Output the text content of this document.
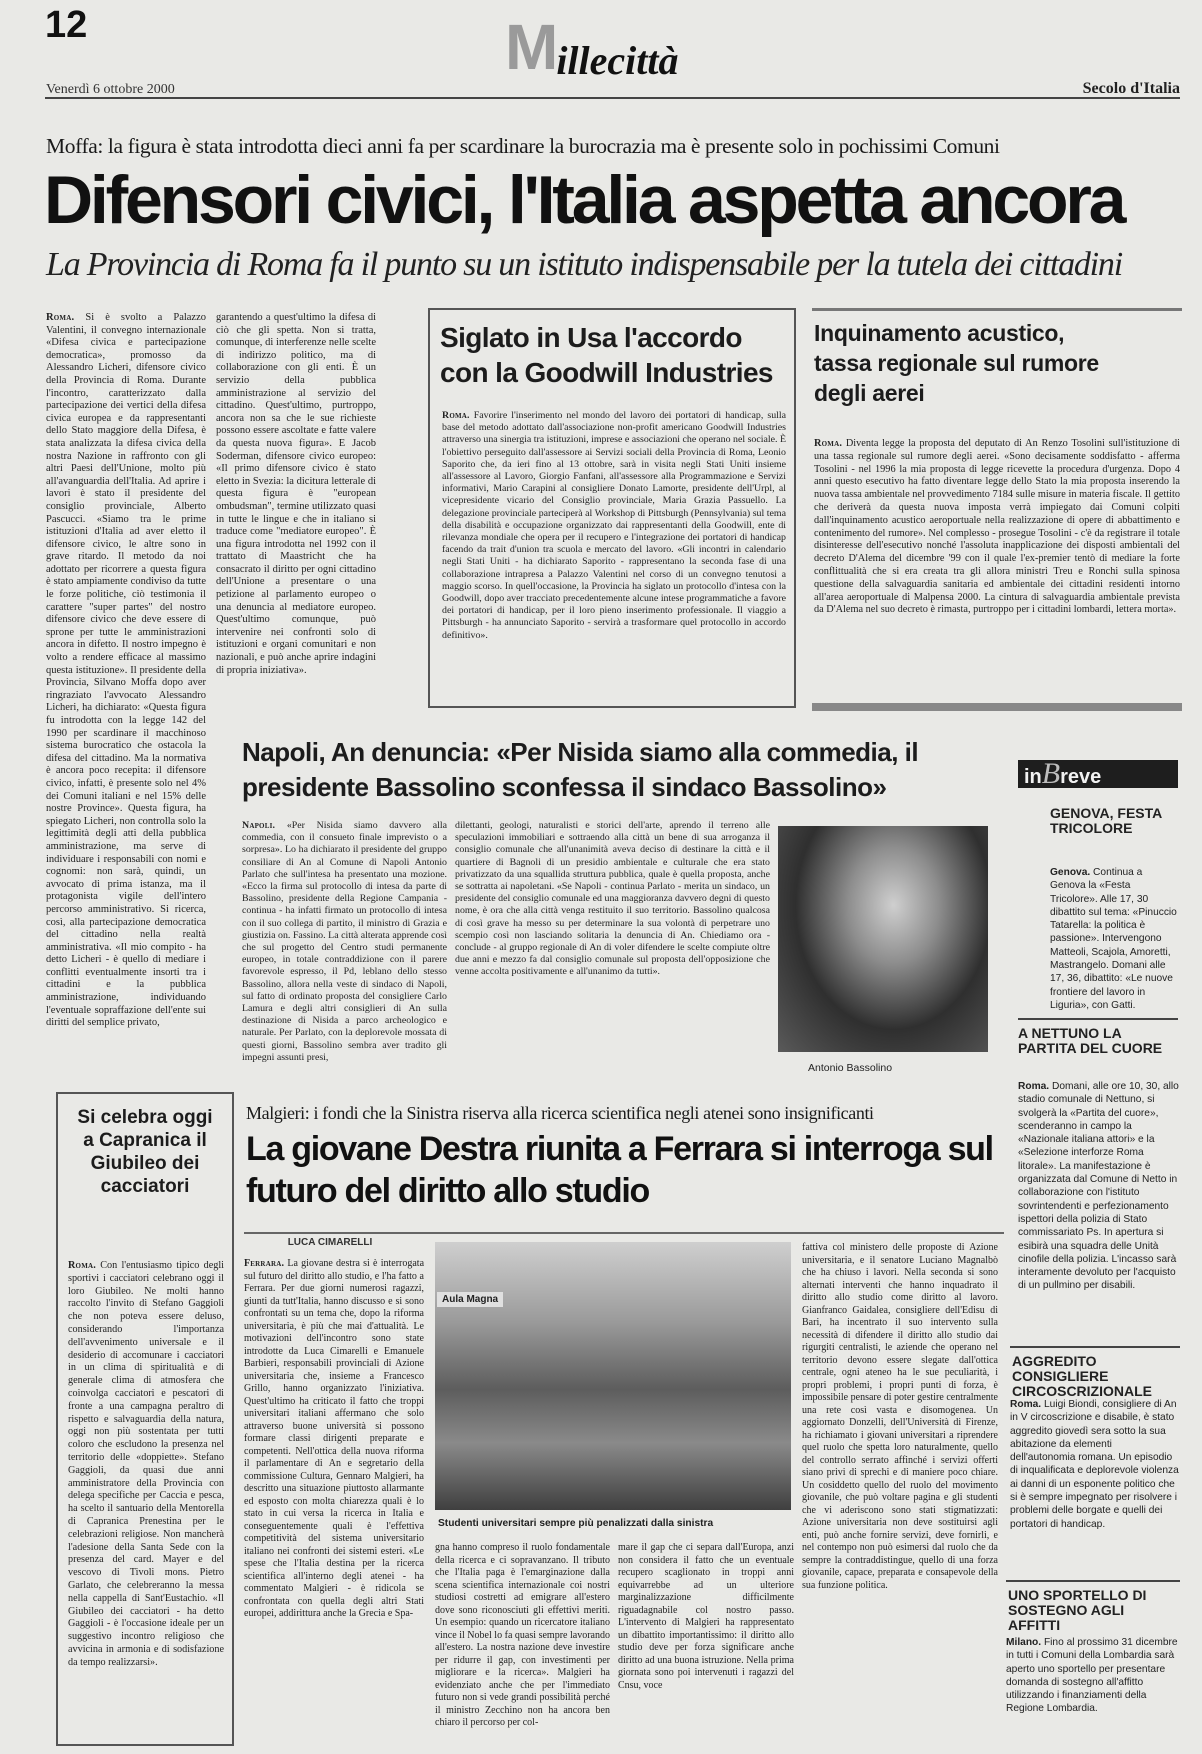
12	Millecittà
Venerdì 6 ottobre 2000	Secolo d'Italia
Moffa: la figura è stata introdotta dieci anni fa per scardinare la burocrazia ma è presente solo in pochissimi Comuni
Difensori civici, l'Italia aspetta ancora
La Provincia di Roma fa il punto su un istituto indispensabile per la tutela dei cittadini
Roma. Si è svolto a Palazzo Valentini, il convegno internazionale «Difesa civica e partecipazione democratica», promosso da Alessandro Licheri, difensore civico della Provincia di Roma. Durante l'incontro, caratterizzato dalla partecipazione dei vertici della difesa civica europea e da rappresentanti dello Stato maggiore della Difesa, è stata analizzata la difesa civica della nostra Nazione in raffronto con gli altri Paesi dell'Unione, molto più all'avanguardia dell'Italia. Ad aprire i lavori è stato il presidente del consiglio provinciale, Alberto Pascucci. «Siamo tra le prime istituzioni d'Italia ad aver eletto il difensore civico, le altre sono in grave ritardo. Il metodo da noi adottato per ricorrere a questa figura è stato ampiamente condiviso da tutte le forze politiche, ciò testimonia il carattere "super partes" del nostro difensore civico che deve essere di sprone per tutte le amministrazioni ancora in difetto. Il nostro impegno è volto a rendere efficace al massimo questa istituzione». Il presidente della Provincia, Silvano Moffa dopo aver ringraziato l'avvocato Alessandro Licheri, ha dichiarato: «Questa figura fu introdotta con la legge 142 del 1990 per scardinare il macchinoso sistema burocratico che ostacola la difesa del cittadino. Ma la normativa è ancora poco recepita: il difensore civico, infatti, è presente solo nel 4% dei Comuni italiani e nel 15% delle nostre Province». Questa figura, ha spiegato Licheri, non controlla solo la legittimità degli atti della pubblica amministrazione, ma serve di individuare i responsabili con nomi e cognomi: non sarà, quindi, un avvocato di prima istanza, ma il protagonista vigile dell'intero percorso amministrativo. Si ricerca, così, alla partecipazione democratica del cittadino nella realtà amministrativa. «Il mio compito - ha detto Licheri - è quello di mediare i conflitti eventualmente insorti tra i cittadini e la pubblica amministrazione, individuando l'eventuale sopraffazione dell'ente sui diritti del semplice privato,
garantendo a quest'ultimo la difesa di ciò che gli spetta. Non si tratta, comunque, di interferenze nelle scelte di indirizzo politico, ma di collaborazione con gli enti. È un servizio della pubblica amministrazione al servizio del cittadino. Quest'ultimo, purtroppo, ancora non sa che le sue richieste possono essere ascoltate e fatte valere da questa nuova figura». E Jacob Soderman, difensore civico europeo: «Il primo difensore civico è stato eletto in Svezia: la dicitura letterale di questa figura è "european ombudsman", termine utilizzato quasi in tutte le lingue e che in italiano si traduce come "mediatore europeo". È una figura introdotta nel 1992 con il trattato di Maastricht che ha consacrato il diritto per ogni cittadino dell'Unione a presentare o una petizione al parlamento europeo o una denuncia al mediatore europeo. Quest'ultimo comunque, può intervenire nei confronti solo di istituzioni e organi comunitari e non nazionali, e può anche aprire indagini di propria iniziativa».
Siglato in Usa l'accordo con la Goodwill Industries
Roma. Favorire l'inserimento nel mondo del lavoro dei portatori di handicap, sulla base del metodo adottato dall'associazione non-profit americano Goodwill Industries attraverso una sinergia tra istituzioni, imprese e associazioni che operano nel sociale. È l'obiettivo perseguito dall'assessore ai Servizi sociali della Provincia di Roma, Leonio Saporito che, da ieri fino al 13 ottobre, sarà in visita negli Stati Uniti insieme all'assessore al Lavoro, Giorgio Fanfani, all'assessore alla Programmazione e Servizi informativi, Mario Carapini al consigliere Donato Lamorte, presidente dell'Urpl, al vicepresidente vicario del Consiglio provinciale, Maria Grazia Passuello. La delegazione provinciale parteciperà al Workshop di Pittsburgh (Pennsylvania) sul tema della disabilità e occupazione organizzato dai rappresentanti della Goodwill, ente di rilevanza mondiale che opera per il recupero e l'integrazione dei portatori di handicap facendo da trait d'union tra scuola e mercato del lavoro. «Gli incontri in calendario negli Stati Uniti - ha dichiarato Saporito - rappresentano la seconda fase di una collaborazione intrapresa a Palazzo Valentini nel corso di un convegno tenutosi a maggio scorso. In quell'occasione, la Provincia ha siglato un protocollo d'intesa con la Goodwill, dopo aver tracciato precedentemente alcune intese programmatiche a favore dei portatori di handicap, per il loro pieno inserimento professionale. Il viaggio a Pittsburgh - ha annunciato Saporito - servirà a trasformare quel protocollo in accordo definitivo».
Inquinamento acustico, tassa regionale sul rumore degli aerei
Roma. Diventa legge la proposta del deputato di An Renzo Tosolini sull'istituzione di una tassa regionale sul rumore degli aerei. «Sono decisamente soddisfatto - afferma Tosolini - nel 1996 la mia proposta di legge ricevette la procedura d'urgenza. Dopo 4 anni questo esecutivo ha fatto diventare legge dello Stato la mia proposta inserendo la nuova tassa ambientale nel provvedimento 7184 sulle misure in materia fiscale. Il gettito che deriverà da questa nuova imposta verrà impiegato dai Comuni colpiti dall'inquinamento acustico aeroportuale nella realizzazione di opere di abbattimento e contenimento del rumore». Nel complesso - prosegue Tosolini - c'è da registrare il totale disinteresse dell'esecutivo nonché l'assoluta inapplicazione dei disposti ambientali del decreto D'Alema del dicembre '99 con il quale l'ex-premier tentò di mediare la forte conflittualità che si era creata tra gli allora ministri Treu e Ronchi sulla spinosa questione della salvaguardia sanitaria ed ambientale dei cittadini residenti intorno all'area aeroportuale di Malpensa 2000. La cintura di salvaguardia ambientale prevista da D'Alema nel suo decreto è rimasta, purtroppo per i cittadini lombardi, lettera morta».
Napoli, An denuncia: «Per Nisida siamo alla commedia, il presidente Bassolino sconfessa il sindaco Bassolino»
Napoli. «Per Nisida siamo davvero alla commedia, con il consueto finale imprevisto o a sorpresa». Lo ha dichiarato il presidente del gruppo consiliare di An al Comune di Napoli Antonio Parlato che sull'intesa ha presentato una mozione. «Ecco la firma sul protocollo di intesa da parte di Bassolino, presidente della Regione Campania - continua - ha infatti firmato un protocollo di intesa con il suo collega di partito, il ministro di Grazia e giustizia on. Fassino. La città alterata apprende così che sul progetto del Centro studi permanente europeo, in totale contraddizione con il parere favorevole espresso, il Pd, leblano dello stesso Bassolino, allora nella veste di sindaco di Napoli, sul fatto di ordinato proposta del consigliere Carlo Lamura e degli altri consiglieri di An sulla destinazione di Nisida a parco archeologico e naturale. Per Parlato, con la deplorevole mossata di questi giorni, Bassolino sembra aver tradito gli impegni assunti presi,
dilettanti, geologi, naturalisti e storici dell'arte, aprendo il terreno alle speculazioni immobiliari e sottraendo alla città un bene di sua arroganza il consiglio comunale che all'unanimità aveva deciso di destinare la città e il quartiere di Bagnoli di un presidio ambientale e culturale che era stato privatizzato da una squallida struttura pubblica, quale è quella proposta, anche se sottratta ai napoletani. «Se Napoli - continua Parlato - merita un sindaco, un presidente del consiglio comunale ed una maggioranza davvero degni di questo nome, è ora che alla città venga restituito il suo territorio. Bassolino qualcosa di così grave ha messo su per determinare la sua volontà di perpetrare uno scempio così non lasciando solitaria la denuncia di An. Chiediamo ora - conclude - al gruppo regionale di An di voler difendere le scelte compiute oltre due anni e mezzo fa dal consiglio comunale sul proposta dell'opposizione che venne accolta positivamente e all'unanimo da tutti».
Antonio Bassolino
inBreve
GENOVA, FESTA TRICOLORE
Genova. Continua a Genova la «Festa Tricolore». Alle 17, 30 dibattito sul tema: «Pinuccio Tatarella: la politica è passione». Intervengono Matteoli, Scajola, Amoretti, Mastrangelo. Domani alle 17, 36, dibattito: «Le nuove frontiere del lavoro in Liguria», con Gatti.
A NETTUNO LA PARTITA DEL CUORE
Roma. Domani, alle ore 10, 30, allo stadio comunale di Nettuno, si svolgerà la «Partita del cuore», scenderanno in campo la «Nazionale italiana attori» e la «Selezione interforze Roma litorale». La manifestazione è organizzata dal Comune di Netto in collaborazione con l'istituto sovrintendenti e perfezionamento ispettori della polizia di Stato commissariato Ps. In apertura si esibirà una squadra delle Unità cinofile della polizia. L'incasso sarà interamente devoluto per l'acquisto di un pullmino per disabili.
AGGREDITO CONSIGLIERE CIRCOSCRIZIONALE
Roma. Luigi Biondi, consigliere di An in V circoscrizione e disabile, è stato aggredito giovedì sera sotto la sua abitazione da elementi dell'autonomia romana. Un episodio di inqualificata e deplorevole violenza ai danni di un esponente politico che si è sempre impegnato per risolvere i problemi delle borgate e quelli dei portatori di handicap.
UNO SPORTELLO DI SOSTEGNO AGLI AFFITTI
Milano. Fino al prossimo 31 dicembre in tutti i Comuni della Lombardia sarà aperto uno sportello per presentare domanda di sostegno all'affitto utilizzando i finanziamenti della Regione Lombardia.
Si celebra oggi a Capranica il Giubileo dei cacciatori
Roma. Con l'entusiasmo tipico degli sportivi i cacciatori celebrano oggi il loro Giubileo. Ne molti hanno raccolto l'invito di Stefano Gaggioli che non poteva essere deluso, considerando l'importanza dell'avvenimento universale e il desiderio di accomunare i cacciatori in un clima di spiritualità e di generale clima di atmosfera che coinvolga cacciatori e pescatori di fronte a una campagna peraltro di rispetto e salvaguardia della natura, oggi non più sostentata per tutti coloro che escludono la presenza nel territorio delle «doppiette». Stefano Gaggioli, da quasi due anni amministratore della Provincia con delega specifiche per Caccia e pesca, ha scelto il santuario della Mentorella di Capranica Prenestina per le celebrazioni religiose. Non mancherà l'adesione della Santa Sede con la presenza del card. Mayer e del vescovo di Tivoli mons. Pietro Garlato, che celebreranno la messa nella cappella di Sant'Eustachio. «Il Giubileo dei cacciatori - ha detto Gaggioli - è l'occasione ideale per un suggestivo incontro religioso che avvicina in armonia e di sodisfazione da tempo realizzarsi».
Malgieri: i fondi che la Sinistra riserva alla ricerca scientifica negli atenei sono insignificanti
La giovane Destra riunita a Ferrara si interroga sul futuro del diritto allo studio
LUCA CIMARELLI
Ferrara. La giovane destra si è interrogata sul futuro del diritto allo studio, e l'ha fatto a Ferrara. Per due giorni numerosi ragazzi, giunti da tutt'Italia, hanno discusso e si sono confrontati su un tema che, dopo la riforma universitaria, è più che mai d'attualità. Le motivazioni dell'incontro sono state introdotte da Luca Cimarelli e Emanuele Barbieri, responsabili provinciali di Azione universitaria che, insieme a Francesco Grillo, hanno organizzato l'iniziativa. Quest'ultimo ha criticato il fatto che troppi universitari italiani affermano che solo attraverso buone università si possono formare classi dirigenti preparate e competenti. Nell'ottica della nuova riforma il parlamentare di An e segretario della commissione Cultura, Gennaro Malgieri, ha descritto una situazione piuttosto allarmante ed esposto con molta chiarezza quali è lo stato in cui versa la ricerca in Italia e conseguentemente quali è l'effettiva competitività del sistema universitario italiano nei confronti dei sistemi esteri. «Le spese che l'Italia destina per la ricerca scientifica all'interno degli atenei - ha commentato Malgieri - è ridicola se confrontata con quella degli altri Stati europei, addirittura anche la Grecia e Spa-
Aula Magna
Studenti universitari sempre più penalizzati dalla sinistra
gna hanno compreso il ruolo fondamentale della ricerca e ci sopravanzano. Il tributo che l'Italia paga è l'emarginazione dalla scena scientifica internazionale coi nostri studiosi costretti ad emigrare all'estero dove sono riconosciuti gli effettivi meriti. Un esempio: quando un ricercatore italiano vince il Nobel lo fa quasi sempre lavorando all'estero. La nostra nazione deve investire per ridurre il gap, con investimenti per migliorare e la ricerca». Malgieri ha evidenziato anche che per l'immediato futuro non si vede grandi possibilità perché il ministro Zecchino non ha ancora ben chiaro il percorso per col-
mare il gap che ci separa dall'Europa, anzi non considera il fatto che un eventuale recupero scaglionato in troppi anni equivarrebbe ad un ulteriore marginalizzazione difficilmente riguadagnabile col nostro passo. L'intervento di Malgieri ha rappresentato un dibattito importantissimo: il diritto allo studio deve per forza significare anche diritto ad una buona istruzione. Nella prima giornata sono poi intervenuti i ragazzi del Cnsu, voce
fattiva col ministero delle proposte di Azione universitaria, e il senatore Luciano Magnalbò che ha chiuso i lavori. Nella seconda si sono alternati interventi che hanno inquadrato il diritto allo studio come diritto al lavoro. Gianfranco Gaidalea, consigliere dell'Edisu di Bari, ha incentrato il suo intervento sulla necessità di difendere il diritto allo studio dai rigurgiti centralisti, le aziende che operano nel territorio devono essere slegate dall'ottica centrale, ogni ateneo ha le sue peculiarità, i propri problemi, i propri punti di forza, è impossibile pensare di poter gestire centralmente una rete così vasta e disomogenea. Un aggiornato Donzelli, dell'Università di Firenze, ha richiamato i giovani universitari a riprendere quel ruolo che spetta loro naturalmente, quello del controllo serrato affinché i servizi offerti siano privi di sprechi e di maniere poco chiare. Un cosiddetto quello del ruolo del movimento giovanile, che può voltare pagina e gli studenti che vi aderiscono sono stati stigmatizzati: Azione universitaria non deve sostituirsi agli enti, può anche fornire servizi, deve fornirli, e nel contempo non può esimersi dal ruolo che da sempre la contraddistingue, quello di una forza giovanile, capace, preparata e consapevole della sua funzione politica.
